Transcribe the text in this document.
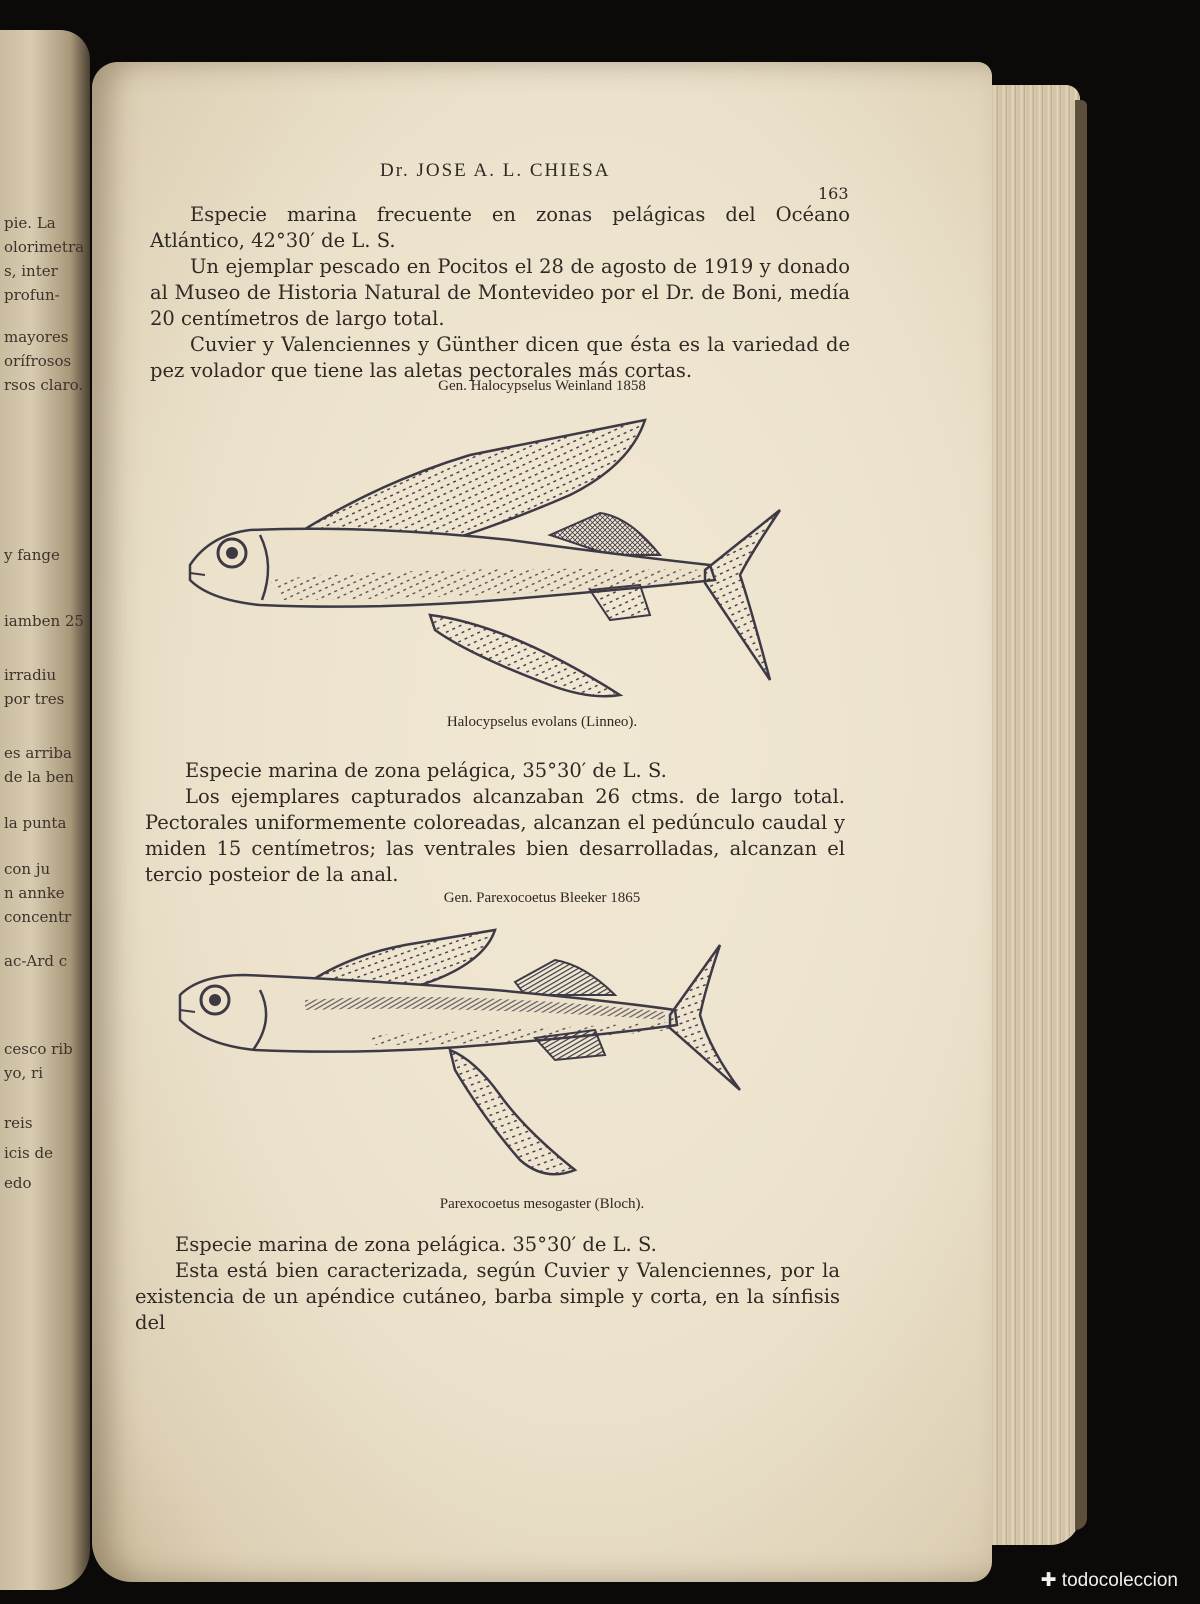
pie. La
olorimetra
s, inter
profun-
mayores
orífrosos
rsos claro.
y fange
iamben 25
irradiu
por tres
es arriba
de la ben
la punta
con ju
n annke
concentr
ac-Ard c
cesco rib
yo, ri
reis
icis de
edo
Dr. JOSE A. L. CHIESA
163

Especie marina frecuente en zonas pelágicas del Océano Atlántico, 42°30′ de L. S.

Un ejemplar pescado en Pocitos el 28 de agosto de 1919 y donado al Museo de Historia Natural de Montevideo por el Dr. de Boni, medía 20 centímetros de largo total.

Cuvier y Valenciennes y Günther dicen que ésta es la variedad de pez volador que tiene las aletas pectorales más cortas.

Gen. Halocypselus Weinland 1858
Halocypselus evolans (Linneo).

Especie marina de zona pelágica, 35°30′ de L. S.

Los ejemplares capturados alcanzaban 26 ctms. de largo total. Pectorales uniformemente coloreadas, alcanzan el pedúnculo caudal y miden 15 centímetros; las ventrales bien desarrolladas, alcanzan el tercio posteior de la anal.

Gen. Parexocoetus Bleeker 1865
Parexocoetus mesogaster (Bloch).

Especie marina de zona pelágica. 35°30′ de L. S.

Esta está bien caracterizada, según Cuvier y Valenciennes, por la existencia de un apéndice cutáneo, barba simple y corta, en la sínfisis del

✚ todocoleccion
